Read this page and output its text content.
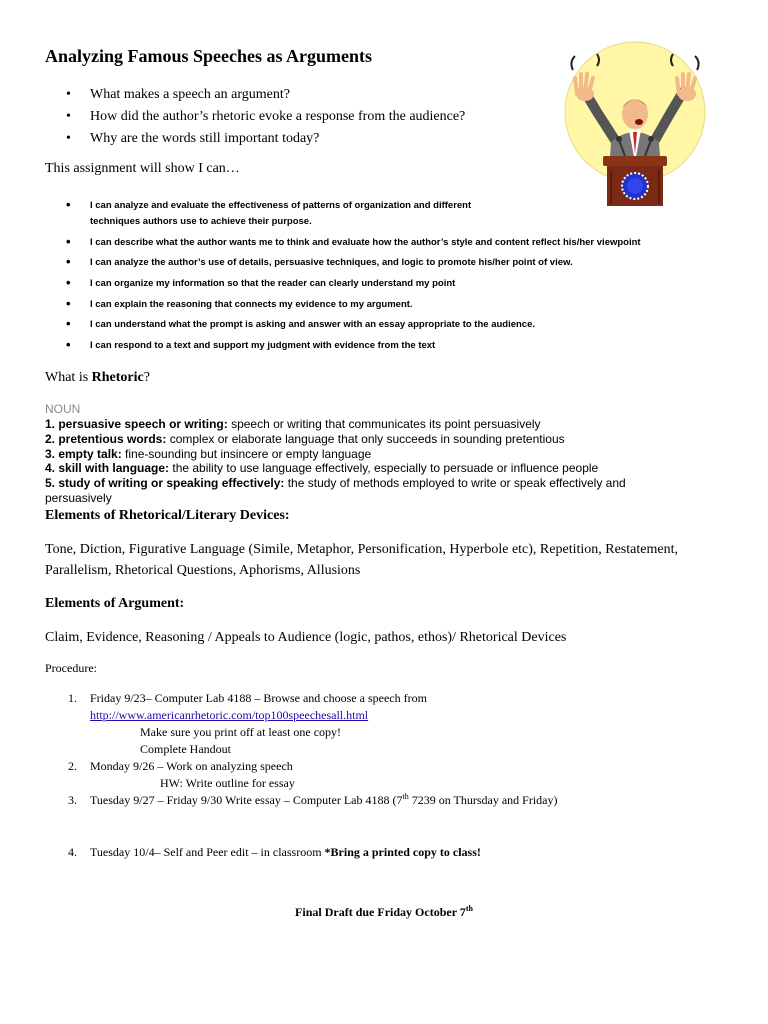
Analyzing Famous Speeches as Arguments
• What makes a speech an argument?
• How did the author’s rhetoric evoke a response from the audience?
• Why are the words still important today?

This assignment will show I can…

• I can analyze and evaluate the effectiveness of patterns of organization and different techniques authors use to achieve their purpose.
• I can describe what the author wants me to think and evaluate how the author’s style and content reflect his/her viewpoint
• I can analyze the author’s use of details, persuasive techniques, and logic to promote his/her point of view.
• I can organize my information so that the reader can clearly understand my point
• I can explain the reasoning that connects my evidence to my argument.
• I can understand what the prompt is asking and answer with an essay appropriate to the audience.
• I can respond to a text and support my judgment with evidence from the text

What is Rhetoric?

NOUN

1. persuasive speech or writing: speech or writing that communicates its point persuasively
2. pretentious words: complex or elaborate language that only succeeds in sounding pretentious
3. empty talk: fine-sounding but insincere or empty language
4. skill with language: the ability to use language effectively, especially to persuade or influence people
5. study of writing or speaking effectively: the study of methods employed to write or speak effectively and persuasively

Elements of Rhetorical/Literary Devices:

Tone, Diction, Figurative Language (Simile, Metaphor, Personification, Hyperbole etc), Repetition, Restatement, Parallelism, Rhetorical Questions, Aphorisms, Allusions

Elements of Argument:

Claim, Evidence, Reasoning / Appeals to Audience (logic, pathos, ethos)/ Rhetorical Devices

Procedure:

1. Friday 9/23– Computer Lab 4188 – Browse and choose a speech from
http://www.americanrhetoric.com/top100speechesall.html
Make sure you print off at least one copy!
Complete Handout
2. Monday 9/26 – Work on analyzing speech
HW: Write outline for essay
3. Tuesday 9/27 – Friday 9/30 Write essay – Computer Lab 4188 (7th 7239 on Thursday and Friday)
4. Tuesday 10/4– Self and Peer edit – in classroom *Bring a printed copy to class!

Final Draft due Friday October 7th
